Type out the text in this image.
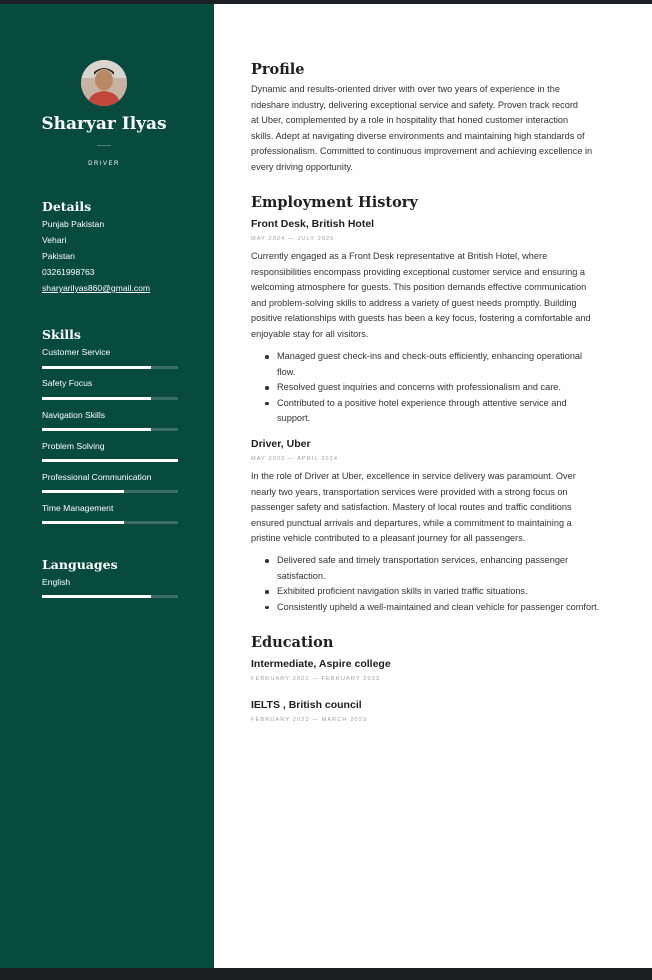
Sharyar Ilyas
DRIVER
Details
Punjab Pakistan
Vehari
Pakistan
03261998763
sharyarilyas860@gmail.com
Skills
Customer Service
Safety Focus
Navigation Skills
Problem Solving
Professional Communication
Time Management
Languages
English
Profile
Dynamic and results-oriented driver with over two years of experience in the
rideshare industry, delivering exceptional service and safety. Proven track record
at Uber, complemented by a role in hospitality that honed customer interaction
skills. Adept at navigating diverse environments and maintaining high standards of
professionalism. Committed to continuous improvement and achieving excellence in
every driving opportunity.
Employment History
Front Desk, British Hotel
MAY 2024 — JULY 2025
Currently engaged as a Front Desk representative at British Hotel, where
responsibilities encompass providing exceptional customer service and ensuring a
welcoming atmosphere for guests. This position demands effective communication
and problem-solving skills to address a variety of guest needs promptly. Building
positive relationships with guests has been a key focus, fostering a comfortable and
enjoyable stay for all visitors.
Managed guest check-ins and check-outs efficiently, enhancing operational
flow.
Resolved guest inquiries and concerns with professionalism and care.
Contributed to a positive hotel experience through attentive service and
support.
Driver, Uber
MAY 2022 — APRIL 2024
In the role of Driver at Uber, excellence in service delivery was paramount. Over
nearly two years, transportation services were provided with a strong focus on
passenger safety and satisfaction. Mastery of local routes and traffic conditions
ensured punctual arrivals and departures, while a commitment to maintaining a
pristine vehicle contributed to a pleasant journey for all passengers.
Delivered safe and timely transportation services, enhancing passenger
satisfaction.
Exhibited proficient navigation skills in varied traffic situations.
Consistently upheld a well-maintained and clean vehicle for passenger comfort.
Education
Intermediate, Aspire college
FEBRUARY 2021 — FEBRUARY 2023
IELTS , British council
FEBRUARY 2023 — MARCH 2023
